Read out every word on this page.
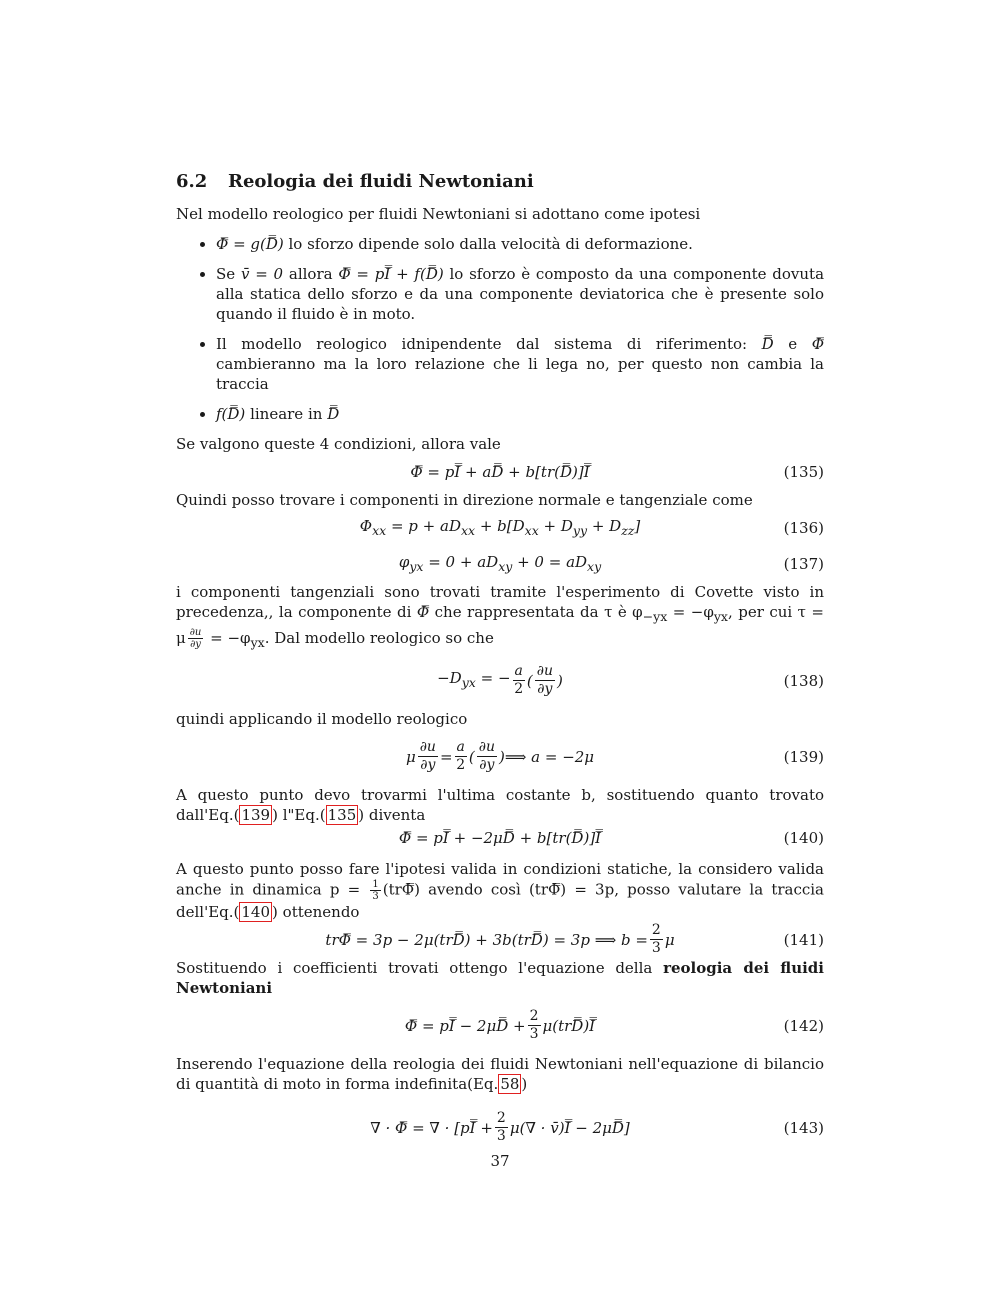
6.2 Reologia dei fluidi Newtoniani

Nel modello reologico per fluidi Newtoniani si adottano come ipotesi

• Φ̿ = g(D̿) lo sforzo dipende solo dalla velocità di deformazione.
• Se v̄ = 0 allora Φ̿ = pI̿ + f(D̿) lo sforzo è composto da una componente dovuta alla statica dello sforzo e da una componente deviatorica che è presente solo quando il fluido è in moto.
• Il modello reologico idnipendente dal sistema di riferimento: D̿ e Φ̿ cambieranno ma la loro relazione che li lega no, per questo non cambia la traccia
• f(D̿) lineare in D̿

Se valgono queste 4 condizioni, allora vale

Φ̿ = pI̿ + aD̿ + b[tr(D̿)]I̿	(135)

Quindi posso trovare i componenti in direzione normale e tangenziale come

$\Phi_{xx} = p + aD_{xx} + b[D_{xx} + D_{yy} + D_{zz}]$	(136)
$\varphi_{yx} = 0 + aD_{xy} + 0 = aD_{xy}$	(137)

i componenti tangenziali sono trovati tramite l'esperimento di Covette visto in precedenza,, la componente di Φ̿ che rappresentata da τ è $\varphi_{-yx} = -\varphi_{yx}$, per cui τ = μ $\frac{\partial u}{\partial y} = -\varphi_{yx}$. Dal modello reologico so che

$-D_{yx}$ = − $\frac{a}{2}$ ( $\frac{\partial u}{\partial y}$ )	(138)

quindi applicando il modello reologico

μ $\frac{\partial u}{\partial y} = \frac{a}{2}$ ( $\frac{\partial u}{\partial y}$ ) ⟹ a = −2μ	(139)

A questo punto devo trovarmi l'ultima costante b, sostituendo quanto trovato dall'Eq.( 139 ) l"Eq.( 135 ) diventa

Φ̿ = pI̿ + −2μD̿ + b[tr(D̿)]I̿	(140)

A questo punto posso fare l'ipotesi valida in condizioni statiche, la considero valida anche in dinamica $p = \frac{1}{3}$ (trΦ̿) avendo così (trΦ̿) = 3p, posso valutare la traccia dell'Eq.( 140 ) ottenendo

trΦ̿ = 3p − 2μ(trD̿) + 3b(trD̿) = 3p ⟹ $b = \frac{2}{3}$ μ	(141)

Sostituendo i coefficienti trovati ottengo l'equazione della reologia dei fluidi Newtoniani

Φ̿ = pI̿ − 2μD̿ + $\frac{2}{3}$ μ(trD̿)I̿	(142)

Inserendo l'equazione della reologia dei fluidi Newtoniani nell'equazione di bilancio di quantità di moto in forma indefinita(Eq. 58 )

∇ · Φ̿ = ∇ · [pI̿ + $\frac{2}{3} \mu(\nabla$ · v̄)I̿ − 2μD̿]	(143)
37
